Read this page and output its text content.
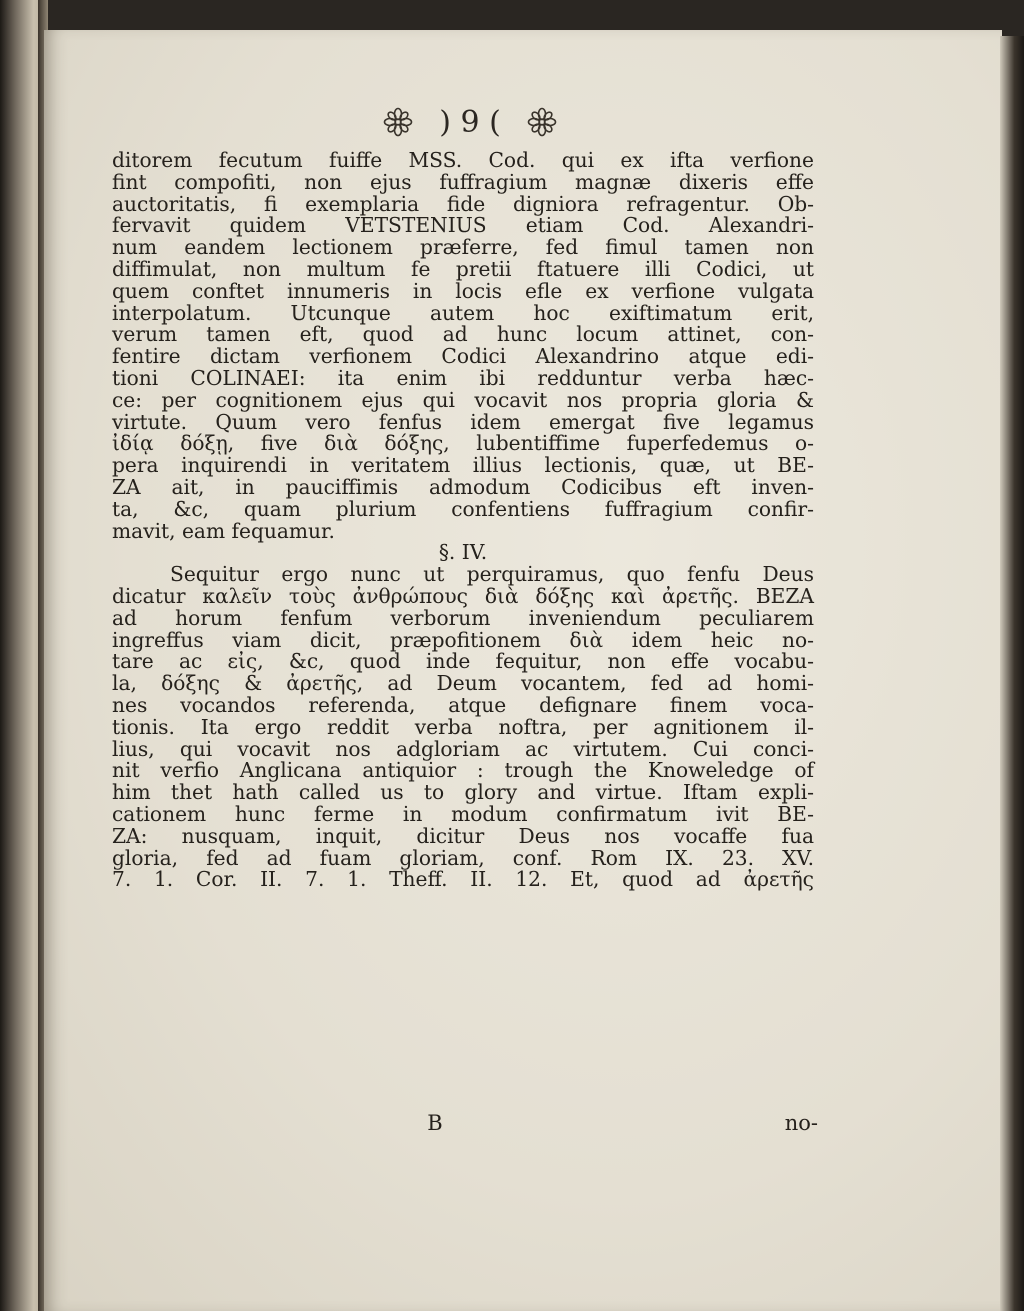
) 9 (
ditorem fecutum fuiffe MSS. Cod. qui ex ifta verfione
fint compofiti, non ejus fuffragium magnæ dixeris effe
auctoritatis, fi exemplaria fide digniora refragentur. Ob-
fervavit quidem VETSTENIUS etiam Cod. Alexandri-
num eandem lectionem præferre, fed fimul tamen non
diffimulat, non multum fe pretii ftatuere illi Codici, ut
quem conftet innumeris in locis efle ex verfione vulgata
interpolatum. Utcunque autem hoc exiftimatum erit,
verum tamen eft, quod ad hunc locum attinet, con-
fentire dictam verfionem Codici Alexandrino atque edi-
tioni COLINAEI: ita enim ibi redduntur verba hæc-
ce: per cognitionem ejus qui vocavit nos propria gloria &
virtute. Quum vero fenfus idem emergat five legamus
ἰδίᾳ δόξῃ, five διὰ δόξης, lubentiffime fuperfedemus o-
pera inquirendi in veritatem illius lectionis, quæ, ut BE-
ZA ait, in pauciffimis admodum Codicibus eft inven-
ta, &c, quam plurium confentiens fuffragium confir-
mavit, eam fequamur.
§. IV.
Sequitur ergo nunc ut perquiramus, quo fenfu Deus
dicatur καλεῖν τοὺς ἀνθρώπους διὰ δόξης καὶ ἀρετῆς. BEZA
ad horum fenfum verborum inveniendum peculiarem
ingreffus viam dicit, præpofitionem διὰ idem heic no-
tare ac εἰς, &c, quod inde fequitur, non effe vocabu-
la, δόξης & ἀρετῆς, ad Deum vocantem, fed ad homi-
nes vocandos referenda, atque defignare finem voca-
tionis. Ita ergo reddit verba noftra, per agnitionem il-
lius, qui vocavit nos adgloriam ac virtutem. Cui conci-
nit verfio Anglicana antiquior : trough the Knoweledge of
him thet hath called us to glory and virtue. Iftam expli-
cationem hunc ferme in modum confirmatum ivit BE-
ZA: nusquam, inquit, dicitur Deus nos vocaffe fua
gloria, fed ad fuam gloriam, conf. Rom IX. 23. XV.
7. 1. Cor. II. 7. 1. Theff. II. 12. Et, quod ad ἀρετῆς
B	no-
